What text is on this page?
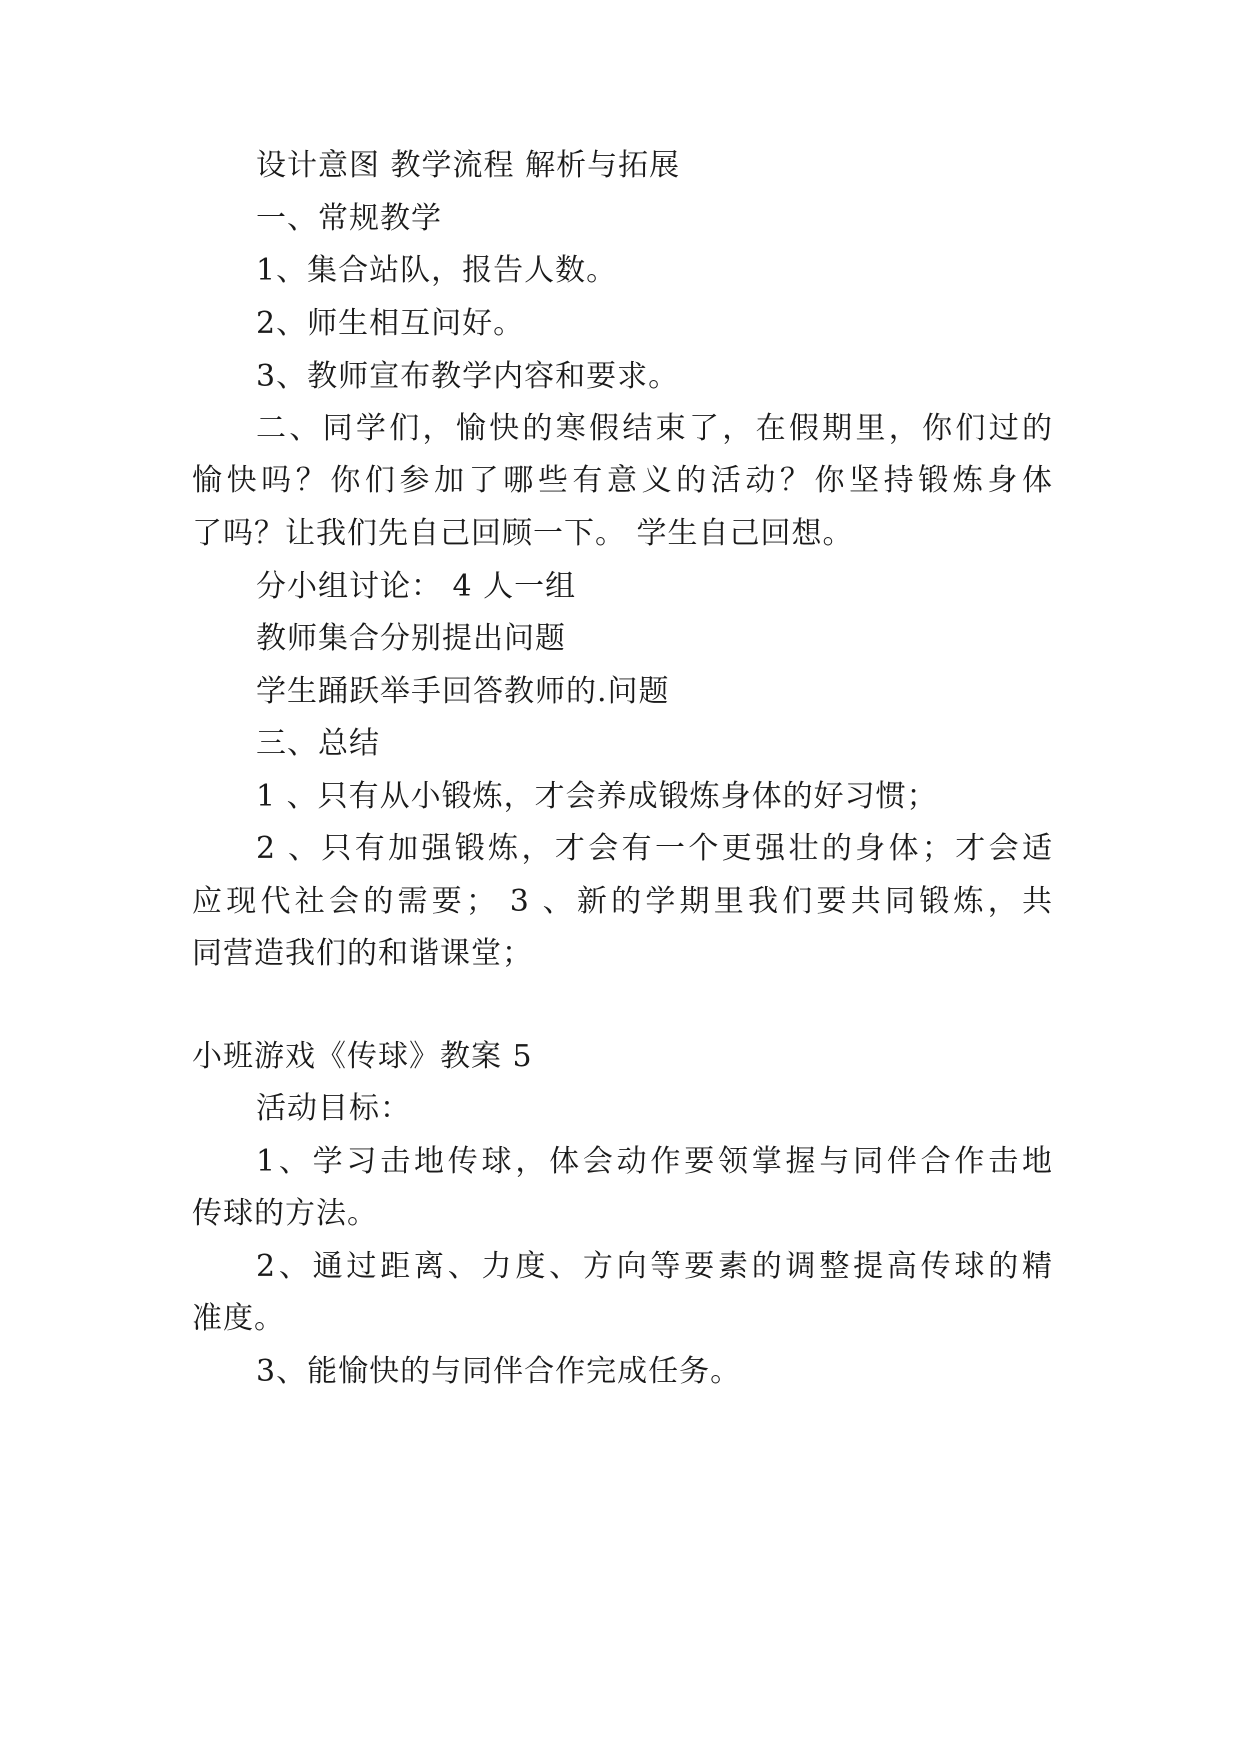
设计意图 教学流程 解析与拓展

一、常规教学

1、集合站队，报告人数。

2、师生相互问好。

3、教师宣布教学内容和要求。

二、同学们，愉快的寒假结束了，在假期里，你们过的

愉快吗？你们参加了哪些有意义的活动？你坚持锻炼身体

了吗？让我们先自己回顾一下。 学生自己回想。

分小组讨论： 4 人一组

教师集合分别提出问题

学生踊跃举手回答教师的.问题

三、总结

1 、只有从小锻炼，才会养成锻炼身体的好习惯；

2 、只有加强锻炼，才会有一个更强壮的身体；才会适

应现代社会的需要； 3 、新的学期里我们要共同锻炼，共

同营造我们的和谐课堂；

小班游戏《传球》教案 5

活动目标：

1、学习击地传球，体会动作要领掌握与同伴合作击地

传球的方法。

2、通过距离、力度、方向等要素的调整提高传球的精

准度。

3、能愉快的与同伴合作完成任务。
